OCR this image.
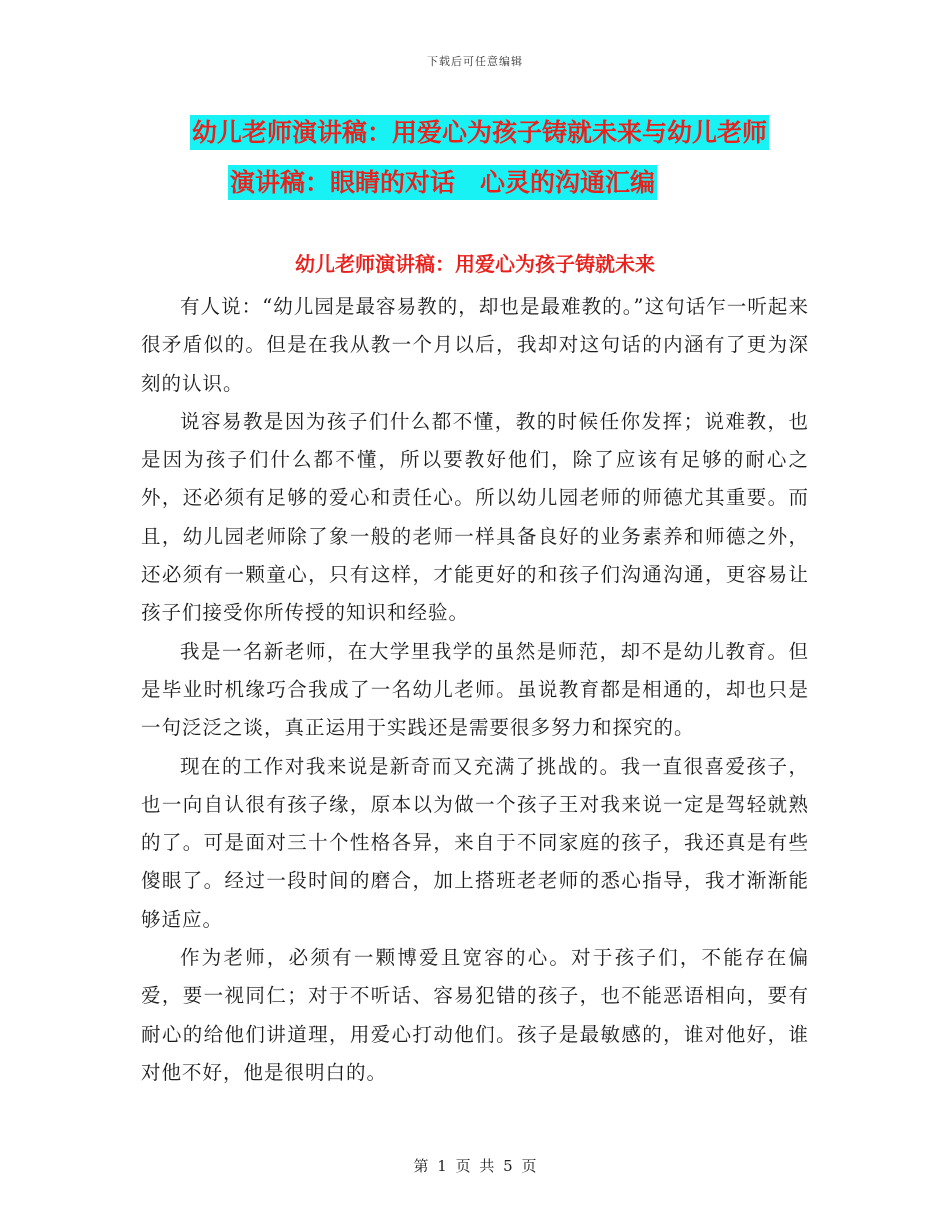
下载后可任意编辑
幼儿老师演讲稿：用爱心为孩子铸就未来与幼儿老师
演讲稿：眼睛的对话　心灵的沟通汇编
幼儿老师演讲稿：用爱心为孩子铸就未来

有人说：“幼儿园是最容易教的，却也是最难教的。”这句话乍一听起来很矛盾似的。但是在我从教一个月以后，我却对这句话的内涵有了更为深刻的认识。

说容易教是因为孩子们什么都不懂，教的时候任你发挥；说难教，也是因为孩子们什么都不懂，所以要教好他们，除了应该有足够的耐心之外，还必须有足够的爱心和责任心。所以幼儿园老师的师德尤其重要。而且，幼儿园老师除了象一般的老师一样具备良好的业务素养和师德之外，还必须有一颗童心，只有这样，才能更好的和孩子们沟通沟通，更容易让孩子们接受你所传授的知识和经验。

我是一名新老师，在大学里我学的虽然是师范，却不是幼儿教育。但是毕业时机缘巧合我成了一名幼儿老师。虽说教育都是相通的，却也只是一句泛泛之谈，真正运用于实践还是需要很多努力和探究的。

现在的工作对我来说是新奇而又充满了挑战的。我一直很喜爱孩子，也一向自认很有孩子缘，原本以为做一个孩子王对我来说一定是驾轻就熟的了。可是面对三十个性格各异，来自于不同家庭的孩子，我还真是有些傻眼了。经过一段时间的磨合，加上搭班老老师的悉心指导，我才渐渐能够适应。

作为老师，必须有一颗博爱且宽容的心。对于孩子们，不能存在偏爱，要一视同仁；对于不听话、容易犯错的孩子，也不能恶语相向，要有耐心的给他们讲道理，用爱心打动他们。孩子是最敏感的，谁对他好，谁对他不好，他是很明白的。

第 1 页 共 5 页
